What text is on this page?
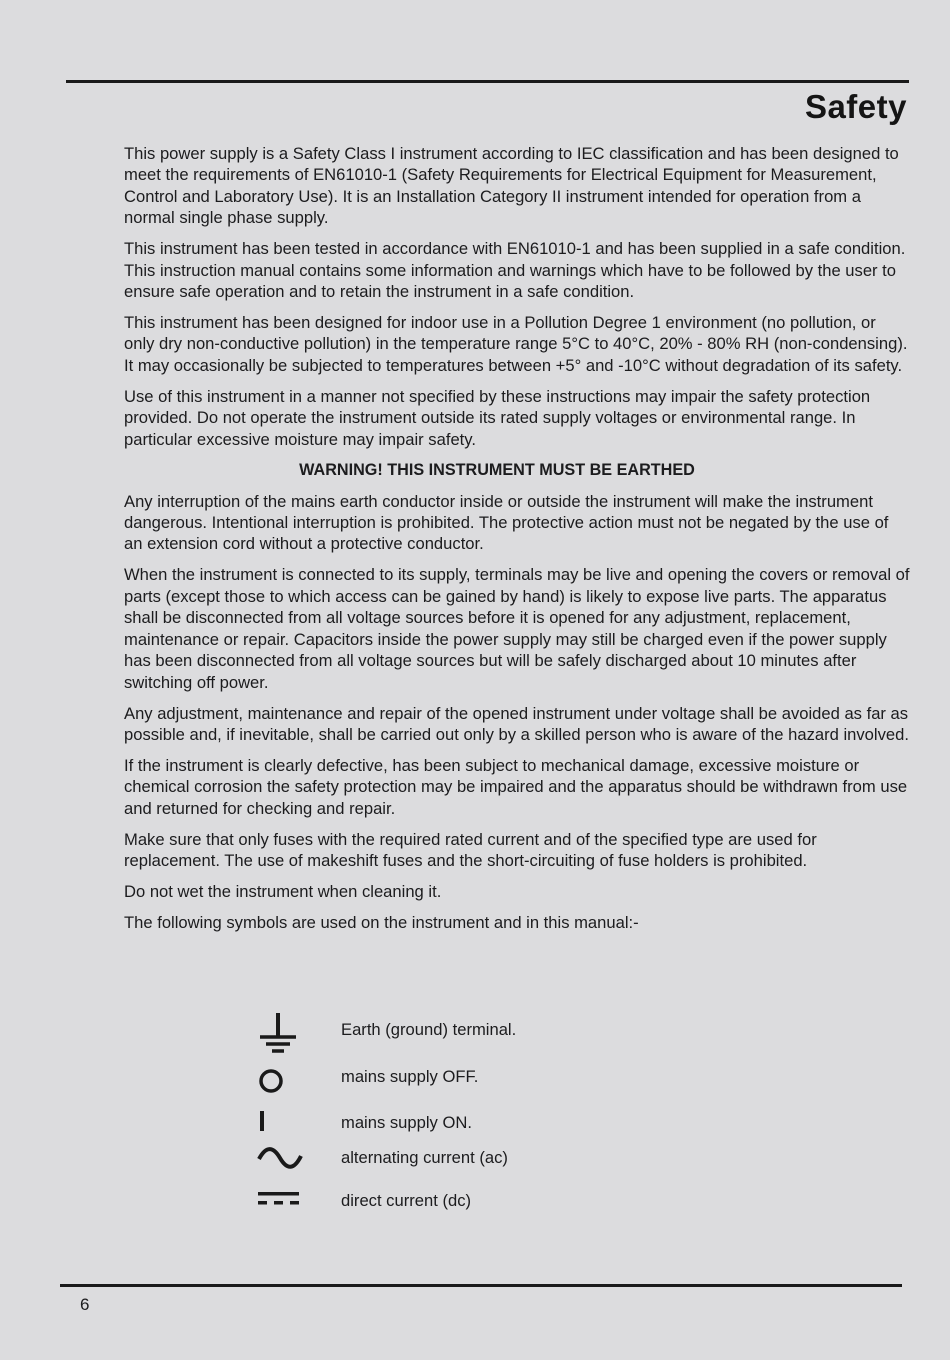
Safety

This power supply is a Safety Class I instrument according to IEC classification and has been designed to meet the requirements of EN61010-1 (Safety Requirements for Electrical Equipment for Measurement, Control and Laboratory Use). It is an Installation Category II instrument intended for operation from a normal single phase supply.

This instrument has been tested in accordance with EN61010-1 and has been supplied in a safe condition. This instruction manual contains some information and warnings which have to be followed by the user to ensure safe operation and to retain the instrument in a safe condition.

This instrument has been designed for indoor use in a Pollution Degree 1 environment (no pollution, or only dry non-conductive pollution) in the temperature range 5°C to 40°C, 20% - 80% RH (non-condensing). It may occasionally be subjected to temperatures between +5° and -10°C without degradation of its safety.

Use of this instrument in a manner not specified by these instructions may impair the safety protection provided. Do not operate the instrument outside its rated supply voltages or environmental range. In particular excessive moisture may impair safety.

WARNING! THIS INSTRUMENT MUST BE EARTHED

Any interruption of the mains earth conductor inside or outside the instrument will make the instrument dangerous. Intentional interruption is prohibited. The protective action must not be negated by the use of an extension cord without a protective conductor.

When the instrument is connected to its supply, terminals may be live and opening the covers or removal of parts (except those to which access can be gained by hand) is likely to expose live parts. The apparatus shall be disconnected from all voltage sources before it is opened for any adjustment, replacement, maintenance or repair. Capacitors inside the power supply may still be charged even if the power supply has been disconnected from all voltage sources but will be safely discharged about 10 minutes after switching off power.

Any adjustment, maintenance and repair of the opened instrument under voltage shall be avoided as far as possible and, if inevitable, shall be carried out only by a skilled person who is aware of the hazard involved.

If the instrument is clearly defective, has been subject to mechanical damage, excessive moisture or chemical corrosion the safety protection may be impaired and the apparatus should be withdrawn from use and returned for checking and repair.

Make sure that only fuses with the required rated current and of the specified type are used for replacement. The use of makeshift fuses and the short-circuiting of fuse holders is prohibited.

Do not wet the instrument when cleaning it.

The following symbols are used on the instrument and in this manual:-

Earth (ground) terminal.
mains supply OFF.
mains supply ON.
alternating current (ac)
direct current (dc)
6
